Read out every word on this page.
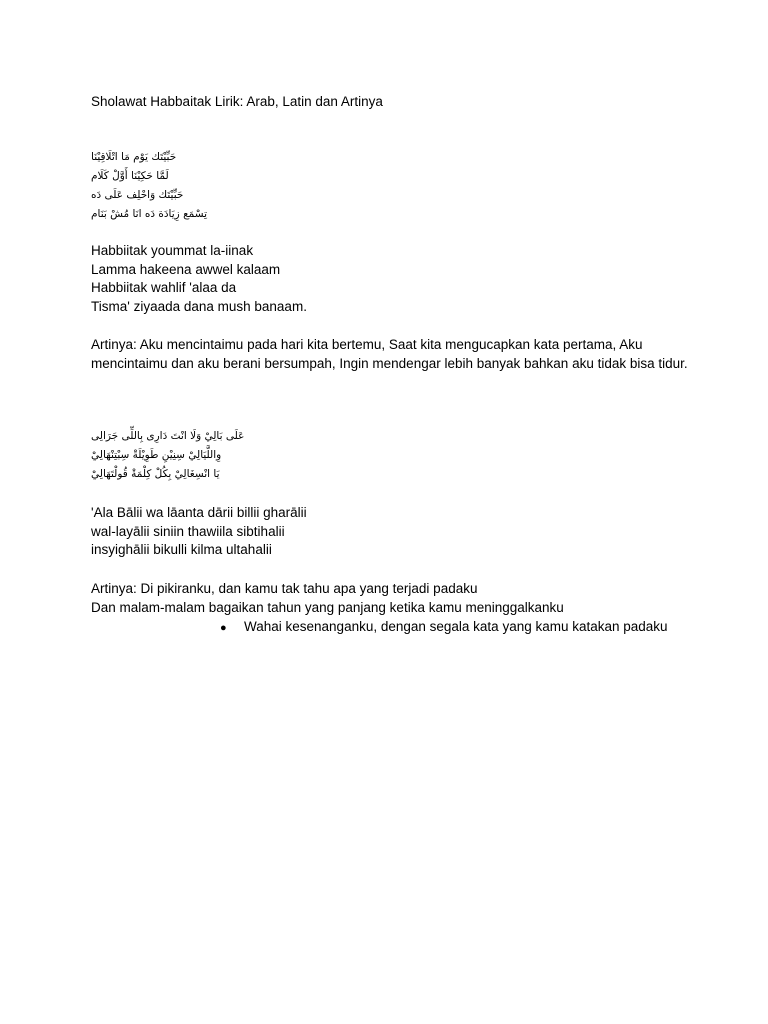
Sholawat Habbaitak Lirik: Arab, Latin dan Artinya
حَبِّيْتَك يَوْم مَا اتْلَاقِيْنَا
لَمَّا حَكِيْنَا أَوَّلْ كَلَام
حَبِّيْتَك وَاحْلِف عَلَى دَه
تِسْمَع زِيَادَة دَه انَا مُشْ بَنَام
Habbiitak yoummat la-iinak
Lamma hakeena awwel kalaam
Habbiitak wahlif 'alaa da
Tisma' ziyaada dana mush banaam.
Artinya: Aku mencintaimu pada hari kita bertemu, Saat kita mengucapkan kata pertama, Aku mencintaimu dan aku berani bersumpah, Ingin mendengar lebih banyak bahkan aku tidak bisa tidur.
عَلَى بَالِيْ وَلَا انْتَ دَارِى بِاللِّى جَرَالِى
وِاللَّيَالِيْ سِنِيْنِ طَوِيْلَةْ سِبْتِنْهَالِيْ
يَا انْسِغَالِيْ بِكُلْ كِلْمَةْ قُولْتَهَالِيْ
'Ala Bālii wa lāanta dārii billii gharālii
wal-layālii siniin thawiila sibtihalii
insyighālii bikulli kilma ultahalii
Artinya: Di pikiranku, dan kamu tak tahu apa yang terjadi padaku
Dan malam-malam bagaikan tahun yang panjang ketika kamu meninggalkanku
● Wahai kesenanganku, dengan segala kata yang kamu katakan padaku
